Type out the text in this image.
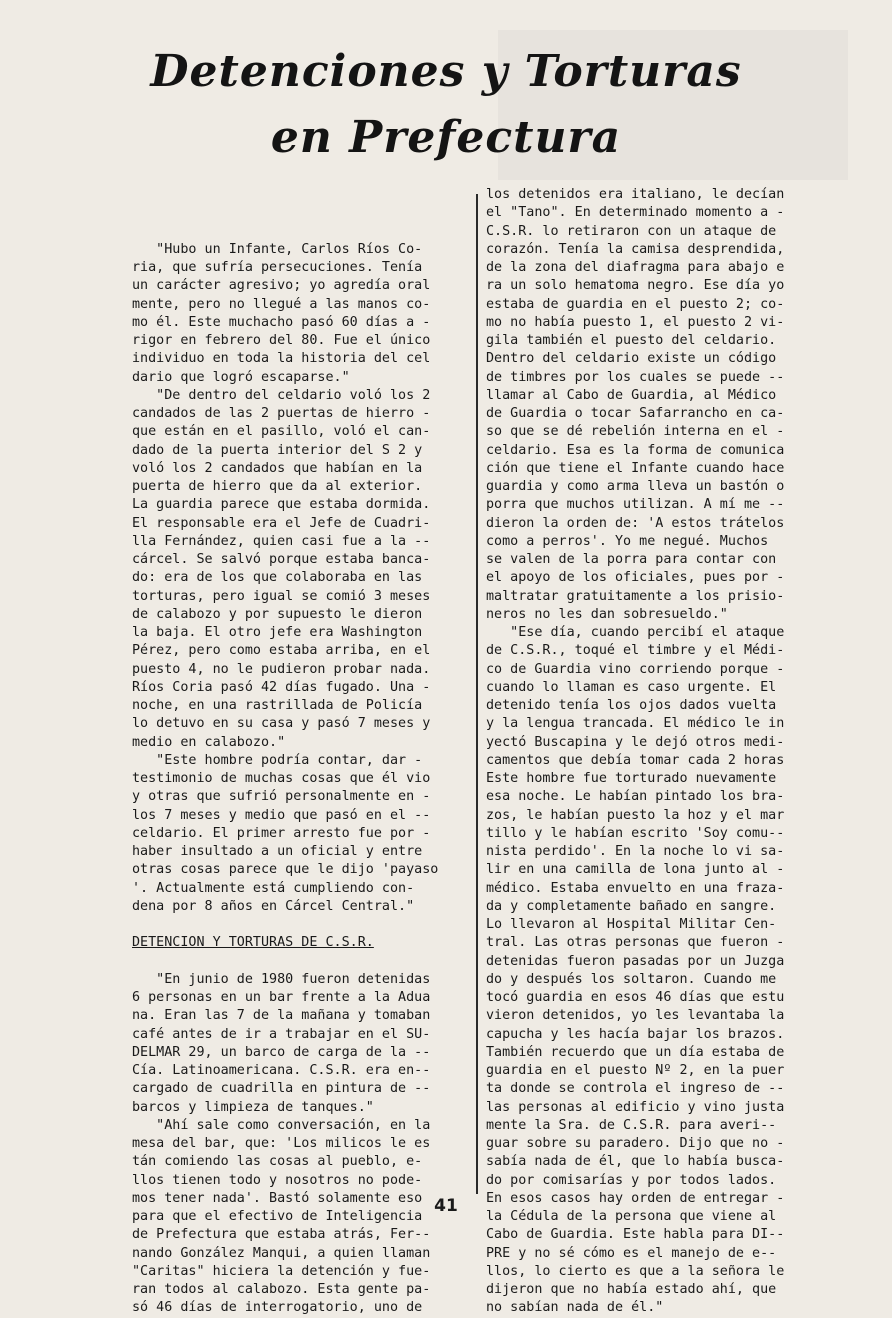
Detenciones y Torturas
en Prefectura

"Hubo un Infante, Carlos Ríos Co-

ria, que sufría persecuciones. Tenía

un carácter agresivo; yo agredía oral

mente, pero no llegué a las manos co-

mo él. Este muchacho pasó 60 días a -

rigor en febrero del 80. Fue el único

individuo en toda la historia del cel

dario que logró escaparse."

"De dentro del celdario voló los 2

candados de las 2 puertas de hierro -

que están en el pasillo, voló el can-

dado de la puerta interior del S 2 y

voló los 2 candados que habían en la

puerta de hierro que da al exterior.

La guardia parece que estaba dormida.

El responsable era el Jefe de Cuadri-

lla Fernández, quien casi fue a la --

cárcel. Se salvó porque estaba banca-

do: era de los que colaboraba en las

torturas, pero igual se comió 3 meses

de calabozo y por supuesto le dieron

la baja. El otro jefe era Washington

Pérez, pero como estaba arriba, en el

puesto 4, no le pudieron probar nada.

Ríos Coria pasó 42 días fugado. Una -

noche, en una rastrillada de Policía

lo detuvo en su casa y pasó 7 meses y

medio en calabozo."

"Este hombre podría contar, dar -

testimonio de muchas cosas que él vio

y otras que sufrió personalmente en -

los 7 meses y medio que pasó en el --

celdario. El primer arresto fue por -

haber insultado a un oficial y entre

otras cosas parece que le dijo 'payaso

'. Actualmente está cumpliendo con-

dena por 8 años en Cárcel Central."

DETENCION Y TORTURAS DE C.S.R.

"En junio de 1980 fueron detenidas

6 personas en un bar frente a la Adua

na. Eran las 7 de la mañana y tomaban

café antes de ir a trabajar en el SU-

DELMAR 29, un barco de carga de la --

Cía. Latinoamericana. C.S.R. era en--

cargado de cuadrilla en pintura de --

barcos y limpieza de tanques."

"Ahí sale como conversación, en la

mesa del bar, que: 'Los milicos le es

tán comiendo las cosas al pueblo, e-

llos tienen todo y nosotros no pode-

mos tener nada'. Bastó solamente eso

para que el efectivo de Inteligencia

de Prefectura que estaba atrás, Fer--

nando González Manqui, a quien llaman

"Caritas" hiciera la detención y fue-

ran todos al calabozo. Esta gente pa-

só 46 días de interrogatorio, uno de

los detenidos era italiano, le decían

el "Tano". En determinado momento a -

C.S.R. lo retiraron con un ataque de

corazón. Tenía la camisa desprendida,

de la zona del diafragma para abajo e

ra un solo hematoma negro. Ese día yo

estaba de guardia en el puesto 2; co-

mo no había puesto 1, el puesto 2 vi-

gila también el puesto del celdario.

Dentro del celdario existe un código

de timbres por los cuales se puede --

llamar al Cabo de Guardia, al Médico

de Guardia o tocar Safarrancho en ca-

so que se dé rebelión interna en el -

celdario. Esa es la forma de comunica

ción que tiene el Infante cuando hace

guardia y como arma lleva un bastón o

porra que muchos utilizan. A mí me --

dieron la orden de: 'A estos trátelos

como a perros'. Yo me negué. Muchos

se valen de la porra para contar con

el apoyo de los oficiales, pues por -

maltratar gratuitamente a los prisio-

neros no les dan sobresueldo."

"Ese día, cuando percibí el ataque

de C.S.R., toqué el timbre y el Médi-

co de Guardia vino corriendo porque -

cuando lo llaman es caso urgente. El

detenido tenía los ojos dados vuelta

y la lengua trancada. El médico le in

yectó Buscapina y le dejó otros medi-

camentos que debía tomar cada 2 horas

Este hombre fue torturado nuevamente

esa noche. Le habían pintado los bra-

zos, le habían puesto la hoz y el mar

tillo y le habían escrito 'Soy comu--

nista perdido'. En la noche lo vi sa-

lir en una camilla de lona junto al -

médico. Estaba envuelto en una fraza-

da y completamente bañado en sangre.

Lo llevaron al Hospital Militar Cen-

tral. Las otras personas que fueron -

detenidas fueron pasadas por un Juzga

do y después los soltaron. Cuando me

tocó guardia en esos 46 días que estu

vieron detenidos, yo les levantaba la

capucha y les hacía bajar los brazos.

También recuerdo que un día estaba de

guardia en el puesto Nº 2, en la puer

ta donde se controla el ingreso de --

las personas al edificio y vino justa

mente la Sra. de C.S.R. para averi--

guar sobre su paradero. Dijo que no -

sabía nada de él, que lo había busca-

do por comisarías y por todos lados.

En esos casos hay orden de entregar -

la Cédula de la persona que viene al

Cabo de Guardia. Este habla para DI--

PRE y no sé cómo es el manejo de e--

llos, lo cierto es que a la señora le

dijeron que no había estado ahí, que

no sabían nada de él."

41
